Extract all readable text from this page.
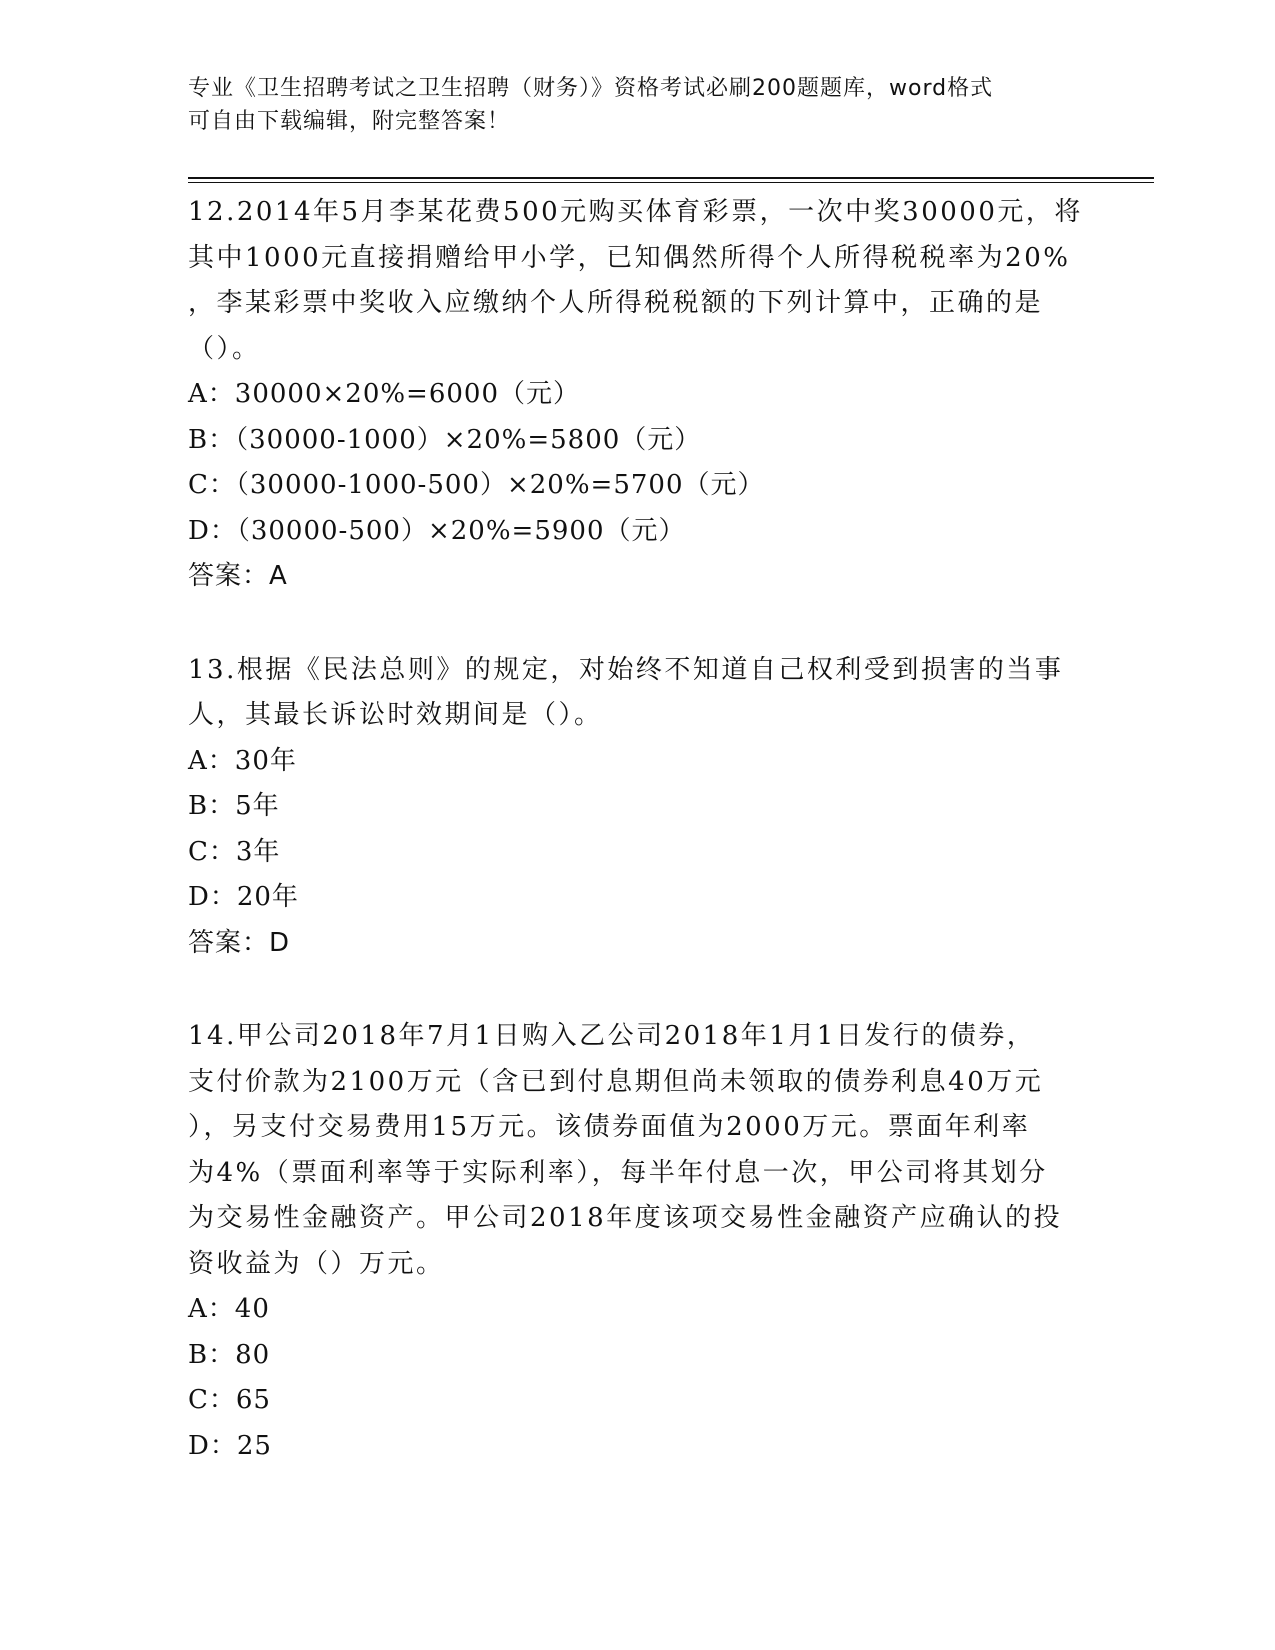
专业《卫生招聘考试之卫生招聘（财务）》资格考试必刷200题题库，word格式
可自由下载编辑，附完整答案！
12.2014年5月李某花费500元购买体育彩票，一次中奖30000元，将
其中1000元直接捐赠给甲小学，已知偶然所得个人所得税税率为20%
，李某彩票中奖收入应缴纳个人所得税税额的下列计算中，正确的是
（）。
A：30000×20%=6000（元）
B：（30000-1000）×20%=5800（元）
C：（30000-1000-500）×20%=5700（元）
D：（30000-500）×20%=5900（元）
答案：A
13.根据《民法总则》的规定，对始终不知道自己权利受到损害的当事
人，其最长诉讼时效期间是（）。
A：30年
B：5年
C：3年
D：20年
答案：D
14.甲公司2018年7月1日购入乙公司2018年1月1日发行的债券，
支付价款为2100万元（含已到付息期但尚未领取的债券利息40万元
），另支付交易费用15万元。该债券面值为2000万元。票面年利率
为4%（票面利率等于实际利率），每半年付息一次，甲公司将其划分
为交易性金融资产。甲公司2018年度该项交易性金融资产应确认的投
资收益为（）万元。
A：40
B：80
C：65
D：25
